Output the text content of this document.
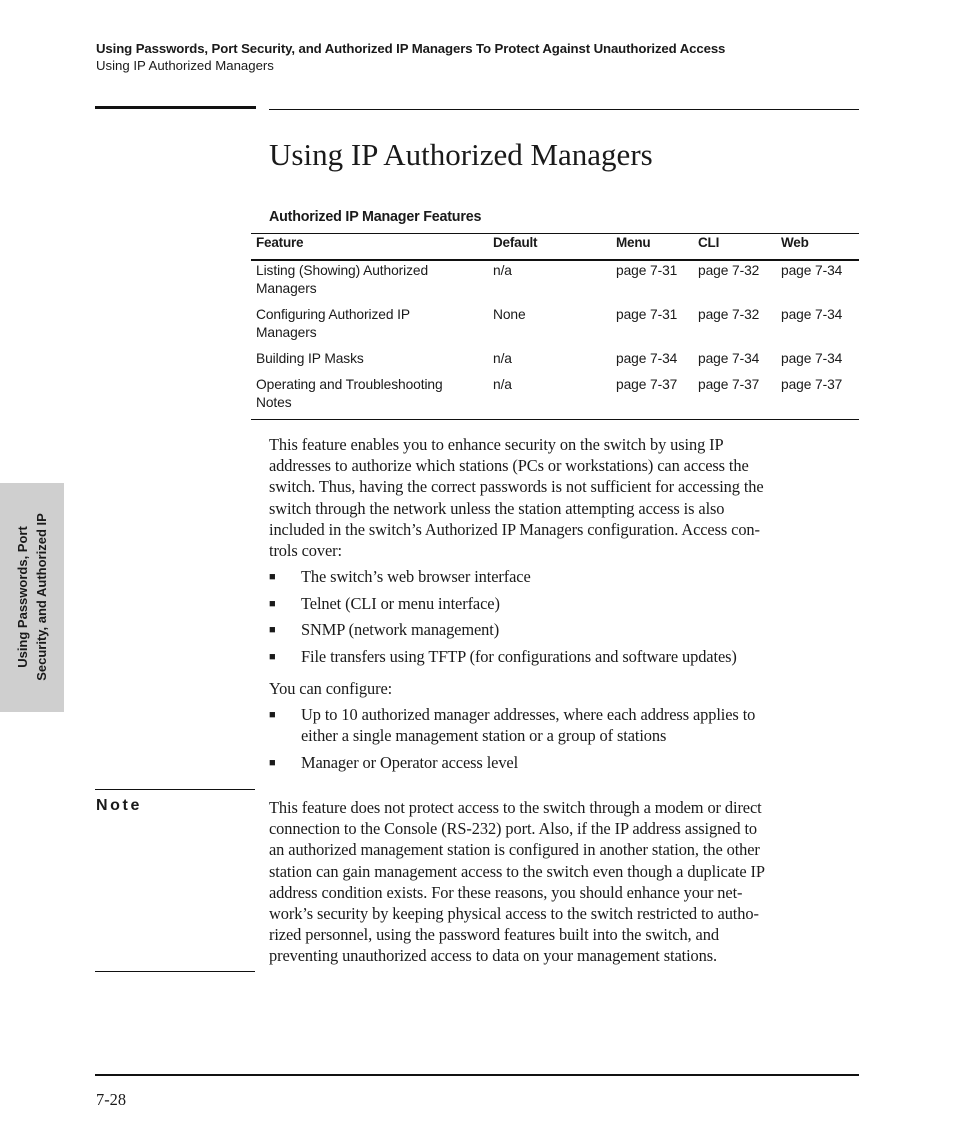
Using Passwords, Port Security, and Authorized IP Managers To Protect Against Unauthorized Access
Using IP Authorized Managers
Using IP Authorized Managers
Authorized IP Manager Features
Feature	Default	Menu	CLI	Web
Listing (Showing) Authorized
Managers
n/a	page 7-31 page 7-32 page 7-34
Configuring Authorized IP
Managers
None	page 7-31 page 7-32 page 7-34
Building IP Masks	n/a	page 7-34 page 7-34 page 7-34
Operating and Troubleshooting
Notes
n/a	page 7-37 page 7-37 page 7-37
This feature enables you to enhance security on the switch by using IP
addresses to authorize which stations (PCs or workstations) can access the
switch. Thus, having the correct passwords is not sufficient for accessing the
switch through the network unless the station attempting access is also
included in the switch’s Authorized IP Managers configuration. Access con-
trols cover:
■ The switch’s web browser interface
■ Telnet (CLI or menu interface)
■ SNMP (network management)
■ File transfers using TFTP (for configurations and software updates)
You can configure:
■ Up to 10 authorized manager addresses, where each address applies to
either a single management station or a group of stations
■ Manager or Operator access level
Note	This feature does not protect access to the switch through a modem or direct
connection to the Console (RS-232) port. Also, if the IP address assigned to
an authorized management station is configured in another station, the other
station can gain management access to the switch even though a duplicate IP
address condition exists. For these reasons, you should enhance your net-
work’s security by keeping physical access to the switch restricted to autho-
rized personnel, using the password features built into the switch, and
preventing unauthorized access to data on your management stations.
Using Passwords, Port Security, and Authorized IP
7-28
